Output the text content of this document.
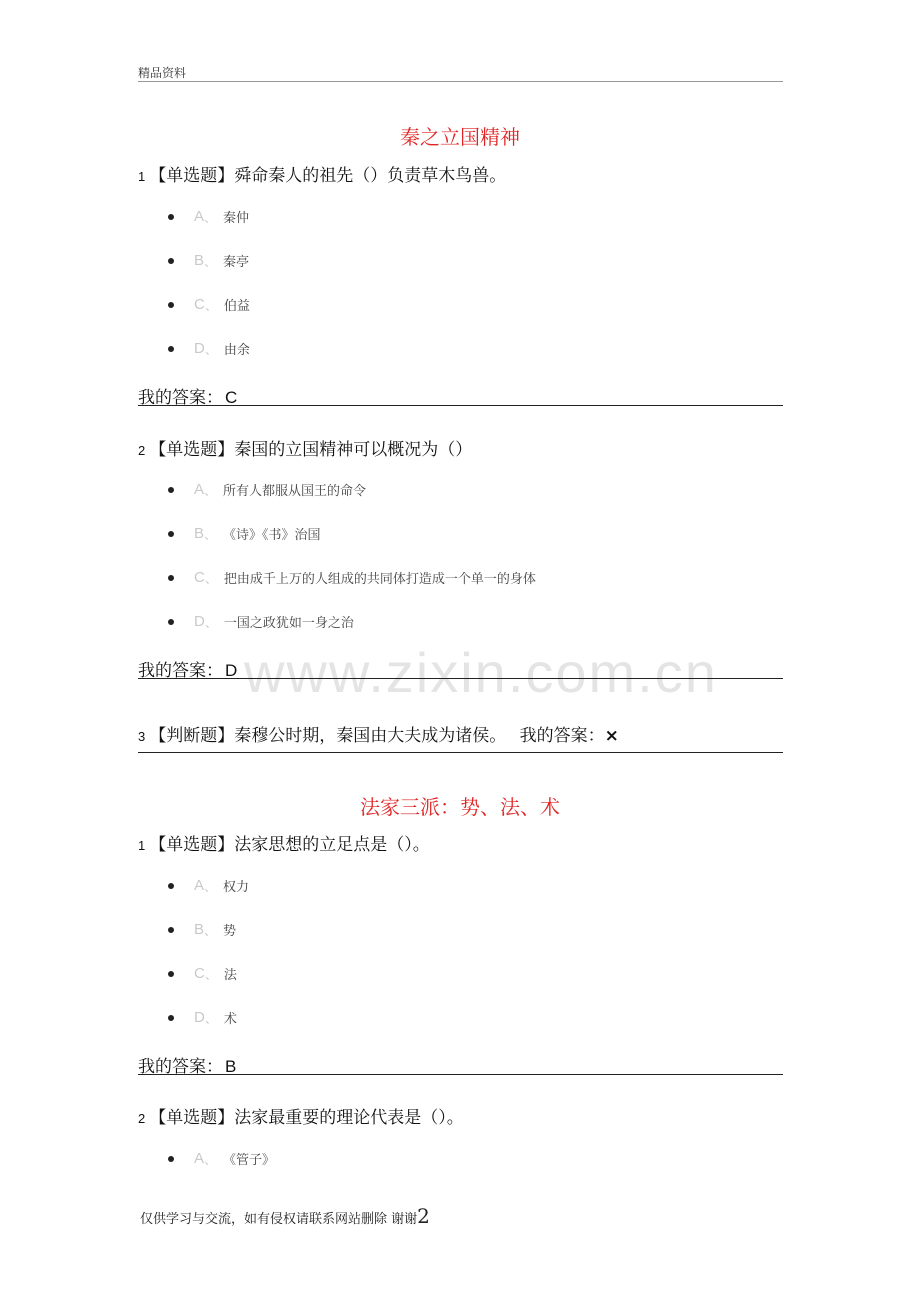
精品资料
www.zixin.com.cn
秦之立国精神
1 【单选题】舜命秦人的祖先（）负责草木鸟兽。
A 、 秦仲
B 、 秦亭
C 、 伯益
D 、 由余
我的答案： C
2 【单选题】秦国的立国精神可以概况为（）
A 、 所有人都服从国王的命令
B 、 《诗》《书》治国
C 、 把由成千上万的人组成的共同体打造成一个单一的身体
D 、 一国之政犹如一身之治
我的答案： D
3 【判断题】秦穆公时期，秦国由大夫成为诸侯。 我的答案：×
法家三派：势、法、术
1 【单选题】法家思想的立足点是（）。
A 、 权力
B 、 势
C 、 法
D 、 术
我的答案： B
2 【单选题】法家最重要的理论代表是（）。
A 、 《管子》
仅供学习与交流，如有侵权请联系网站删除 谢谢2
